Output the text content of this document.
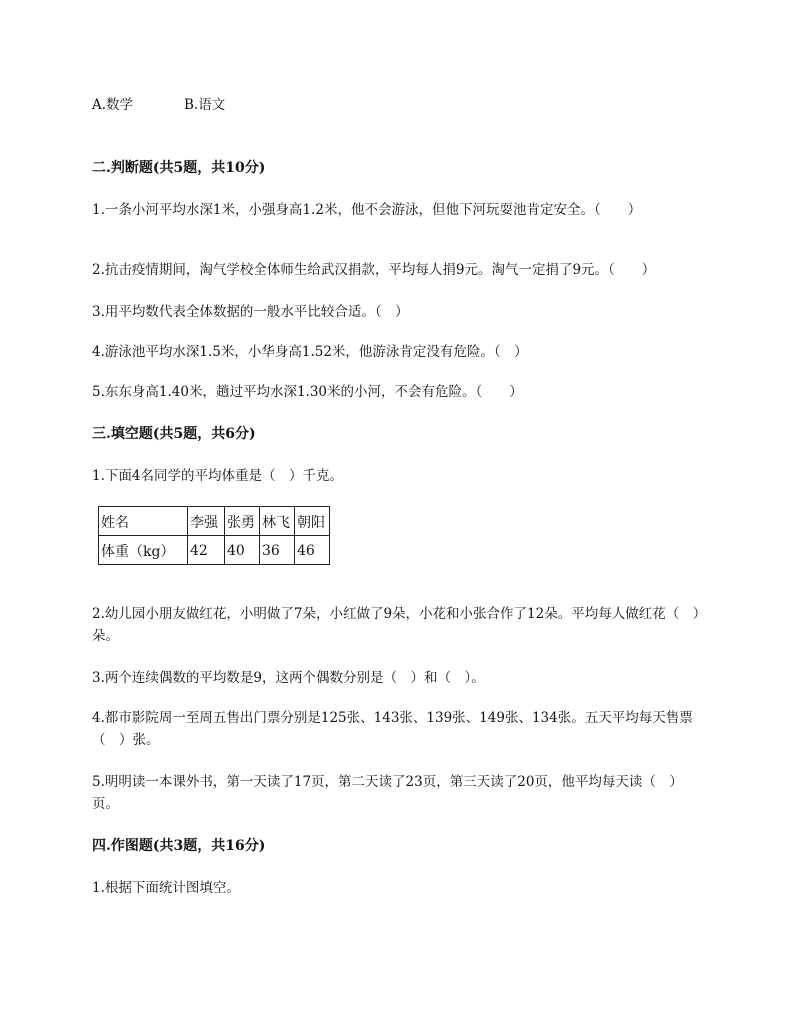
A.数学	B.语文
二.判断题(共5题，共10分)
1.一条小河平均水深1米，小强身高1.2米，他不会游泳，但他下河玩耍池肯定安全。（　　）
2.抗击疫情期间，淘气学校全体师生给武汉捐款，平均每人捐9元。淘气一定捐了9元。（　　）
3.用平均数代表全体数据的一般水平比较合适。（　）
4.游泳池平均水深1.5米，小华身高1.52米，他游泳肯定没有危险。（　）
5.东东身高1.40米，趟过平均水深1.30米的小河，不会有危险。（　　）
三.填空题(共5题，共6分)
1.下面4名同学的平均体重是（　）千克。
姓名	李强	张勇	林飞	朝阳
体重（kg）	42	40	36	46
2.幼儿园小朋友做红花，小明做了7朵，小红做了9朵，小花和小张合作了12朵。平均每人做红花（　）朵。
3.两个连续偶数的平均数是9，这两个偶数分别是（　）和（　）。
4.都市影院周一至周五售出门票分别是125张、143张、139张、149张、134张。五天平均每天售票（　）张。
5.明明读一本课外书，第一天读了17页，第二天读了23页，第三天读了20页，他平均每天读（　）页。
四.作图题(共3题，共16分)
1.根据下面统计图填空。
